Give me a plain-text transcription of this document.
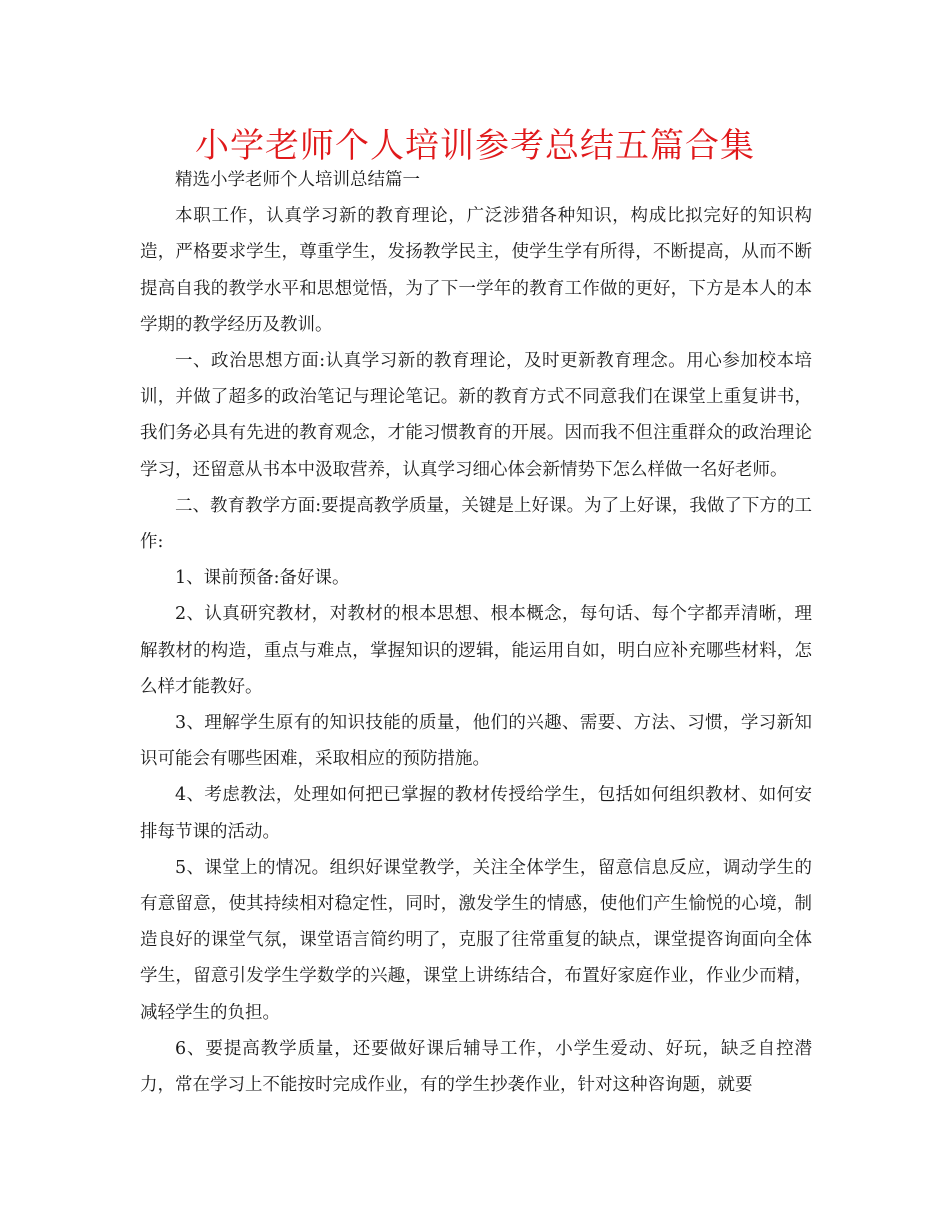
小学老师个人培训参考总结五篇合集

精选小学老师个人培训总结篇一

本职工作，认真学习新的教育理论，广泛涉猎各种知识，构成比拟完好的知识构造，严格要求学生，尊重学生，发扬教学民主，使学生学有所得，不断提高，从而不断提高自我的教学水平和思想觉悟，为了下一学年的教育工作做的更好，下方是本人的本学期的教学经历及教训。

一、政治思想方面:认真学习新的教育理论，及时更新教育理念。用心参加校本培训，并做了超多的政治笔记与理论笔记。新的教育方式不同意我们在课堂上重复讲书，我们务必具有先进的教育观念，才能习惯教育的开展。因而我不但注重群众的政治理论学习，还留意从书本中汲取营养，认真学习细心体会新情势下怎么样做一名好老师。

二、教育教学方面:要提高教学质量，关键是上好课。为了上好课，我做了下方的工作:

1、课前预备:备好课。

2、认真研究教材，对教材的根本思想、根本概念，每句话、每个字都弄清晰，理解教材的构造，重点与难点，掌握知识的逻辑，能运用自如，明白应补充哪些材料，怎么样才能教好。

3、理解学生原有的知识技能的质量，他们的兴趣、需要、方法、习惯，学习新知识可能会有哪些困难，采取相应的预防措施。

4、考虑教法，处理如何把已掌握的教材传授给学生，包括如何组织教材、如何安排每节课的活动。

5、课堂上的情况。组织好课堂教学，关注全体学生，留意信息反应，调动学生的有意留意，使其持续相对稳定性，同时，激发学生的情感，使他们产生愉悦的心境，制造良好的课堂气氛，课堂语言简约明了，克服了往常重复的缺点，课堂提咨询面向全体学生，留意引发学生学数学的兴趣，课堂上讲练结合，布置好家庭作业，作业少而精，减轻学生的负担。

6、要提高教学质量，还要做好课后辅导工作，小学生爱动、好玩，缺乏自控潜力，常在学习上不能按时完成作业，有的学生抄袭作业，针对这种咨询题，就要
